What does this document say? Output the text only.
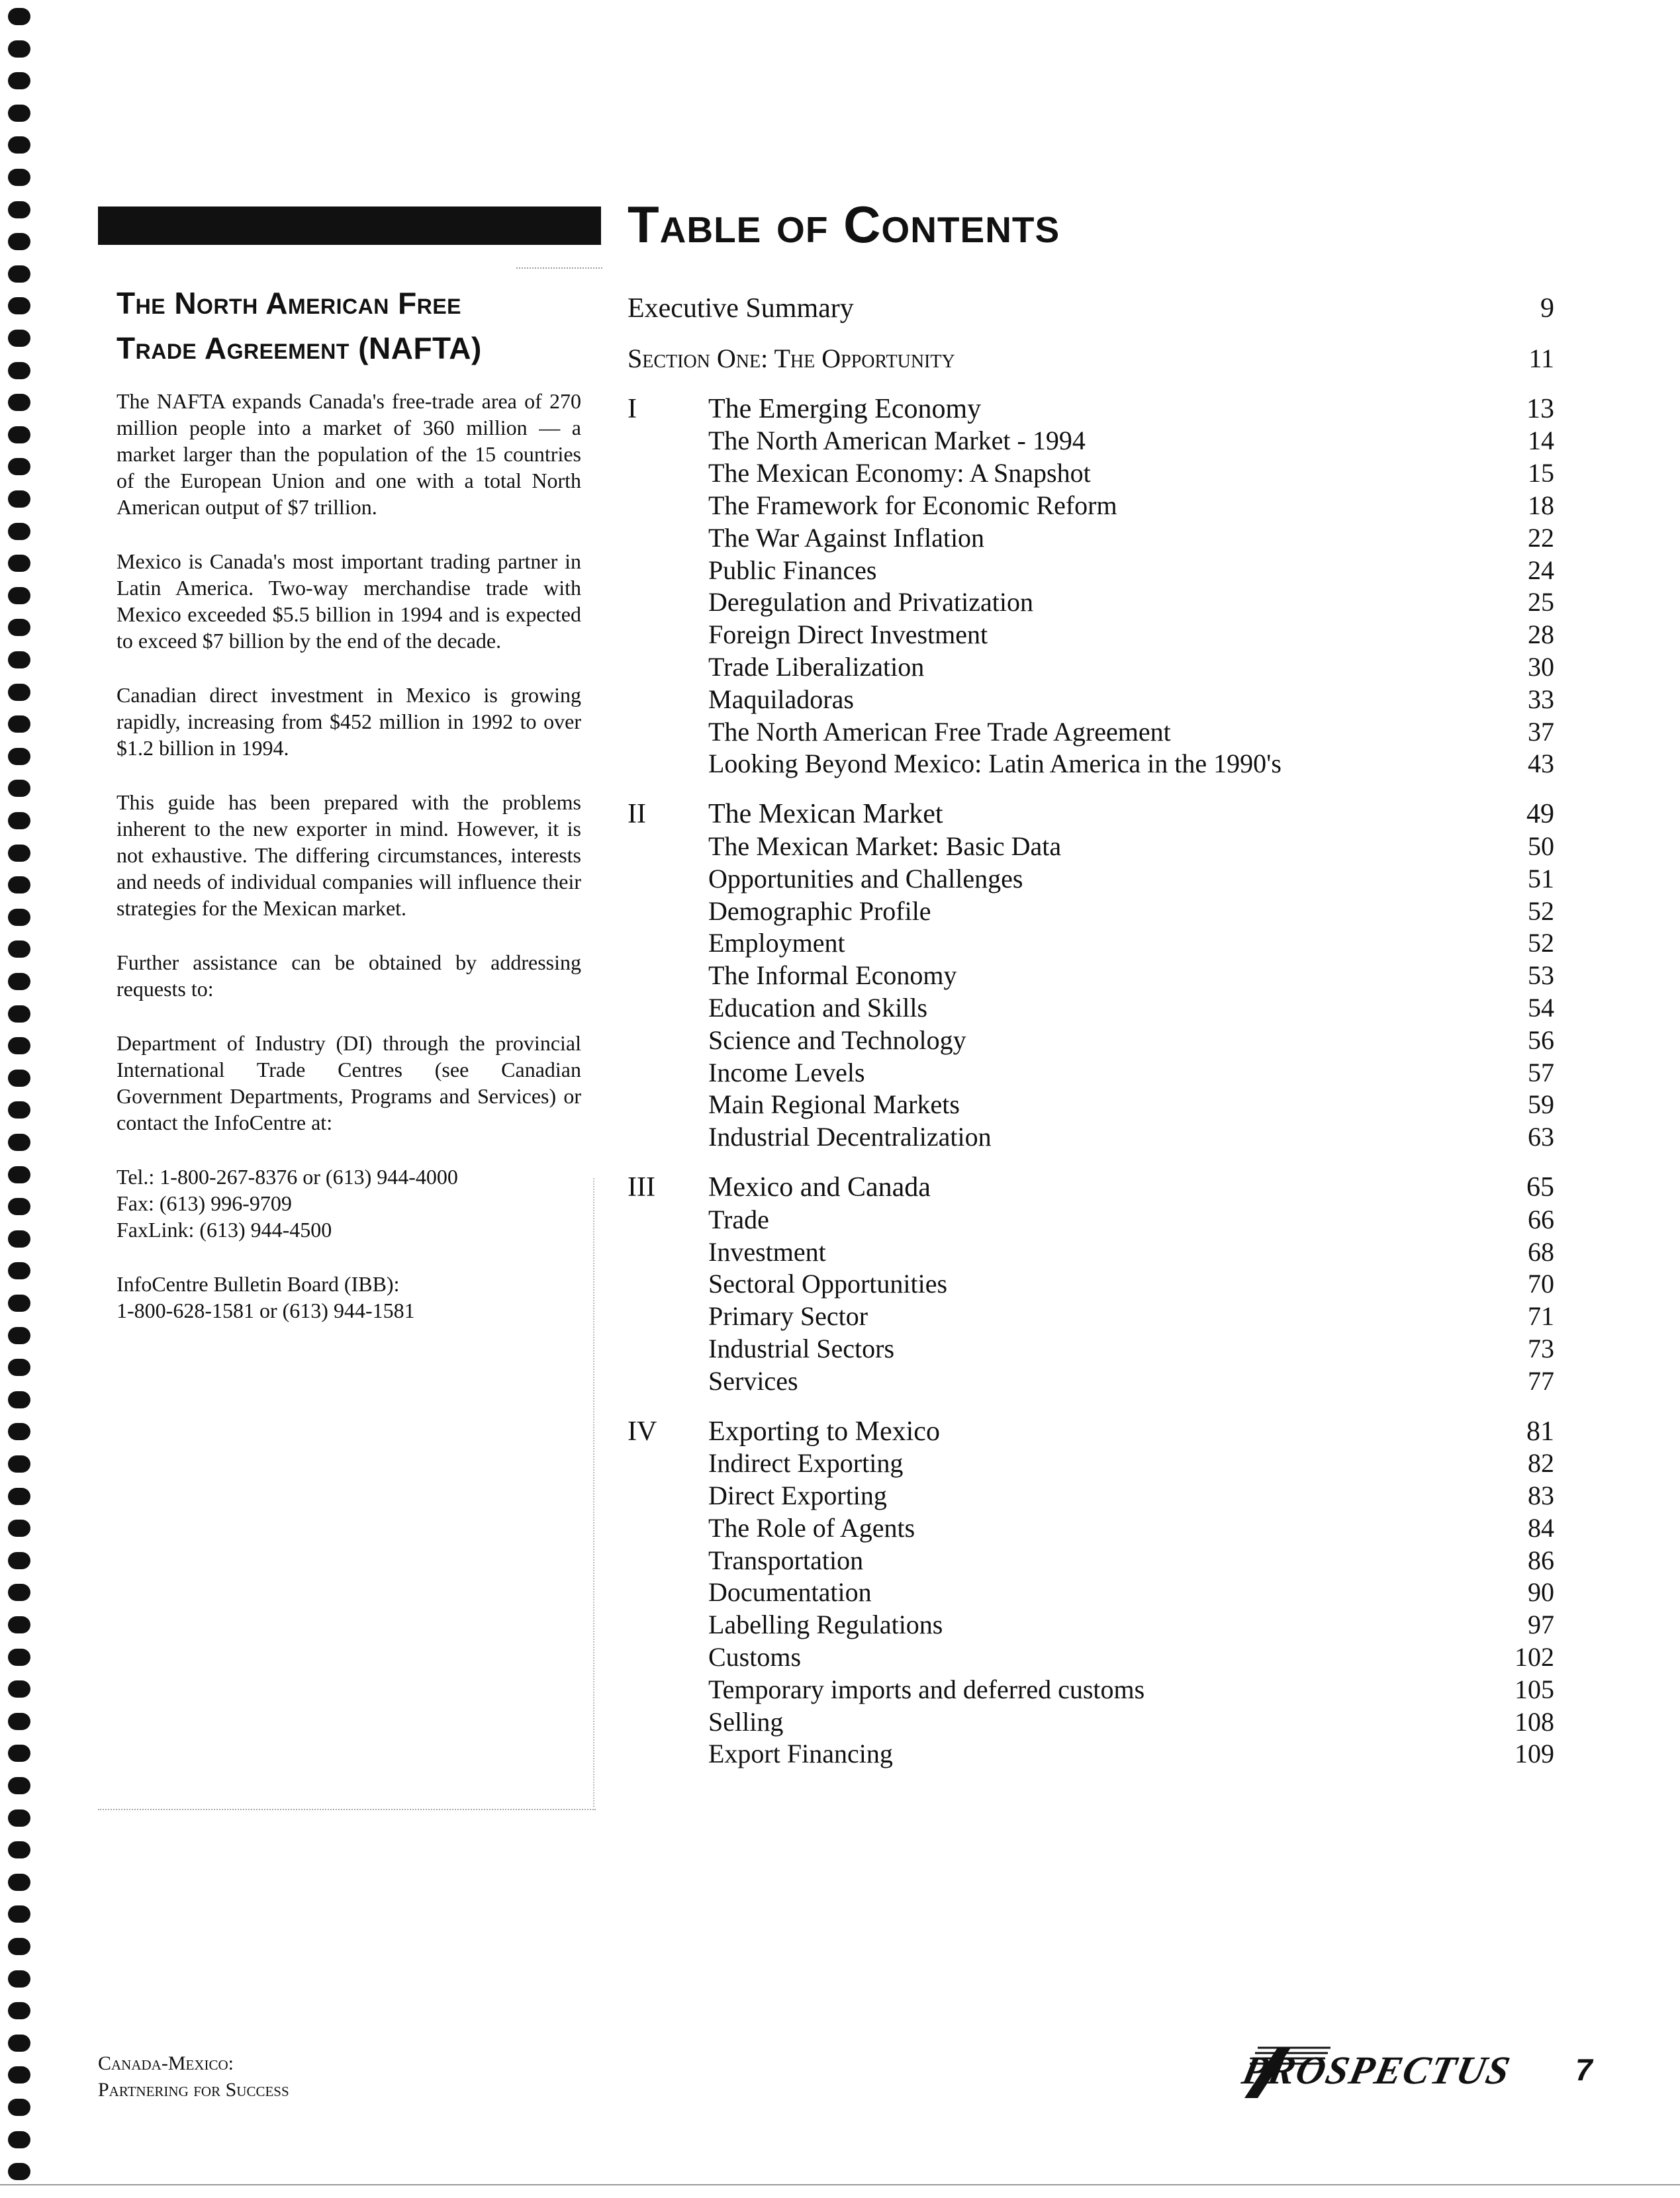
The North American Free
Trade Agreement (NAFTA)

The NAFTA expands Canada's free-trade area of 270 million people into a market of 360 million — a market larger than the population of the 15 countries of the European Union and one with a total North American output of $7 trillion.

Mexico is Canada's most important trading partner in Latin America. Two-way merchandise trade with Mexico exceeded $5.5 billion in 1994 and is expected to exceed $7 billion by the end of the decade.

Canadian direct investment in Mexico is growing rapidly, increasing from $452 million in 1992 to over $1.2 billion in 1994.

This guide has been prepared with the problems inherent to the new exporter in mind. However, it is not exhaustive. The differing circumstances, interests and needs of individual companies will influence their strategies for the Mexican market.

Further assistance can be obtained by addressing requests to:

Department of Industry (DI) through the provincial International Trade Centres (see Canadian Government Departments, Programs and Services) or contact the InfoCentre at:

Tel.: 1-800-267-8376 or (613) 944-4000

Fax: (613) 996-9709

FaxLink: (613) 944-4500

InfoCentre Bulletin Board (IBB):

1-800-628-1581 or (613) 944-1581

Table of Contents
Executive Summary	9
Section One: The Opportunity	11
I	The Emerging Economy	13
The North American Market - 1994	14
The Mexican Economy: A Snapshot	15
The Framework for Economic Reform	18
The War Against Inflation	22
Public Finances	24
Deregulation and Privatization	25
Foreign Direct Investment	28
Trade Liberalization	30
Maquiladoras	33
The North American Free Trade Agreement	37
Looking Beyond Mexico: Latin America in the 1990's	43
II The Mexican Market	49
The Mexican Market: Basic Data	50
Opportunities and Challenges	51
Demographic Profile	52
Employment	52
The Informal Economy	53
Education and Skills	54
Science and Technology	56
Income Levels	57
Main Regional Markets	59
Industrial Decentralization	63
III Mexico and Canada	65
Trade	66
Investment	68
Sectoral Opportunities	70
Primary Sector	71
Industrial Sectors	73
Services	77
IV Exporting to Mexico	81
Indirect Exporting	82
Direct Exporting	83
The Role of Agents	84
Transportation	86
Documentation	90
Labelling Regulations	97
Customs	102
Temporary imports and deferred customs	105
Selling	108
Export Financing	109
Canada-Mexico:
Partnering for Success	PROSPECTUS 7
